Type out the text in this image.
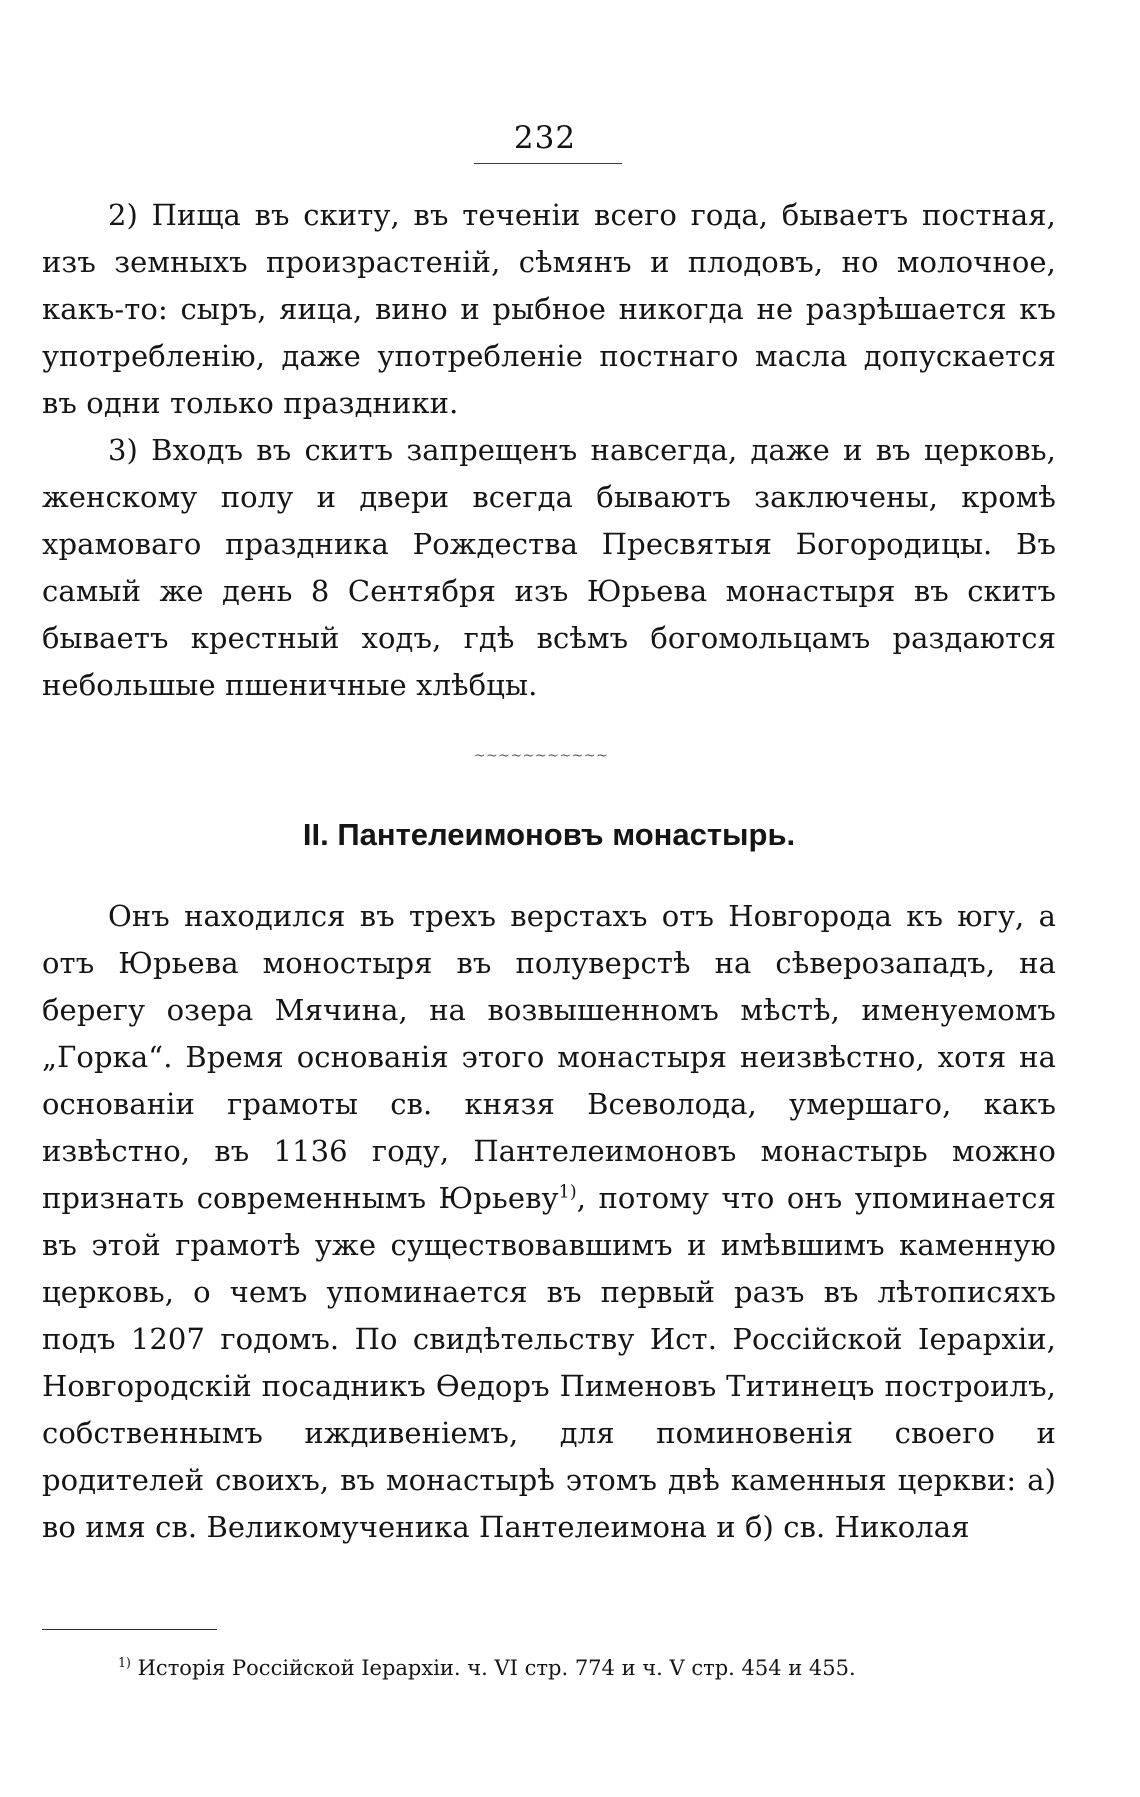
232

2) Пища въ скиту, въ теченіи всего года, бываетъ постная, изъ земныхъ произрастеній, сѣмянъ и плодовъ, но молочное, какъ-то: сыръ, яица, вино и рыбное никогда не разрѣшается къ употребленію, даже употребленіе постнаго масла допускается въ одни только праздники.

3) Входъ въ скитъ запрещенъ навсегда, даже и въ церковь, женскому полу и двери всегда бываютъ заключены, кромѣ храмоваго праздника Рождества Пресвятыя Богородицы. Въ самый же день 8 Сентября изъ Юрьева монастыря въ скитъ бываетъ крестный ходъ, гдѣ всѣмъ богомольцамъ раздаются небольшые пшеничные хлѣбцы.

~~~~~~~~~~~
II. Пантелеимоновъ монастырь.

Онъ находился въ трехъ верстахъ отъ Новгорода къ югу, а отъ Юрьева моностыря въ полуверстѣ на сѣверозападъ, на берегу озера Мячина, на возвышенномъ мѣстѣ, именуемомъ „Горка“. Время основанія этого монастыря неизвѣстно, хотя на основаніи грамоты св. князя Всеволода, умершаго, какъ извѣстно, въ 1136 году, Пантелеимоновъ монастырь можно признать современнымъ Юрьеву$^{1)}$, потому что онъ упоминается въ этой грамотѣ уже существовавшимъ и имѣвшимъ каменную церковь, о чемъ упоминается въ первый разъ въ лѣтописяхъ подъ 1207 годомъ. По свидѣтельству Ист. Россійской Іерархіи, Новгородскій посадникъ Ѳедоръ Пименовъ Титинецъ построилъ, собственнымъ иждивеніемъ, для поминовенія своего и родителей своихъ, въ монастырѣ этомъ двѣ каменныя церкви: а) во имя св. Великомученика Пантелеимона и б) св. Николая

$^{1)}$ Исторія Россійской Іерархіи. ч. VI стр. 774 и ч. V стр. 454 и 455.
